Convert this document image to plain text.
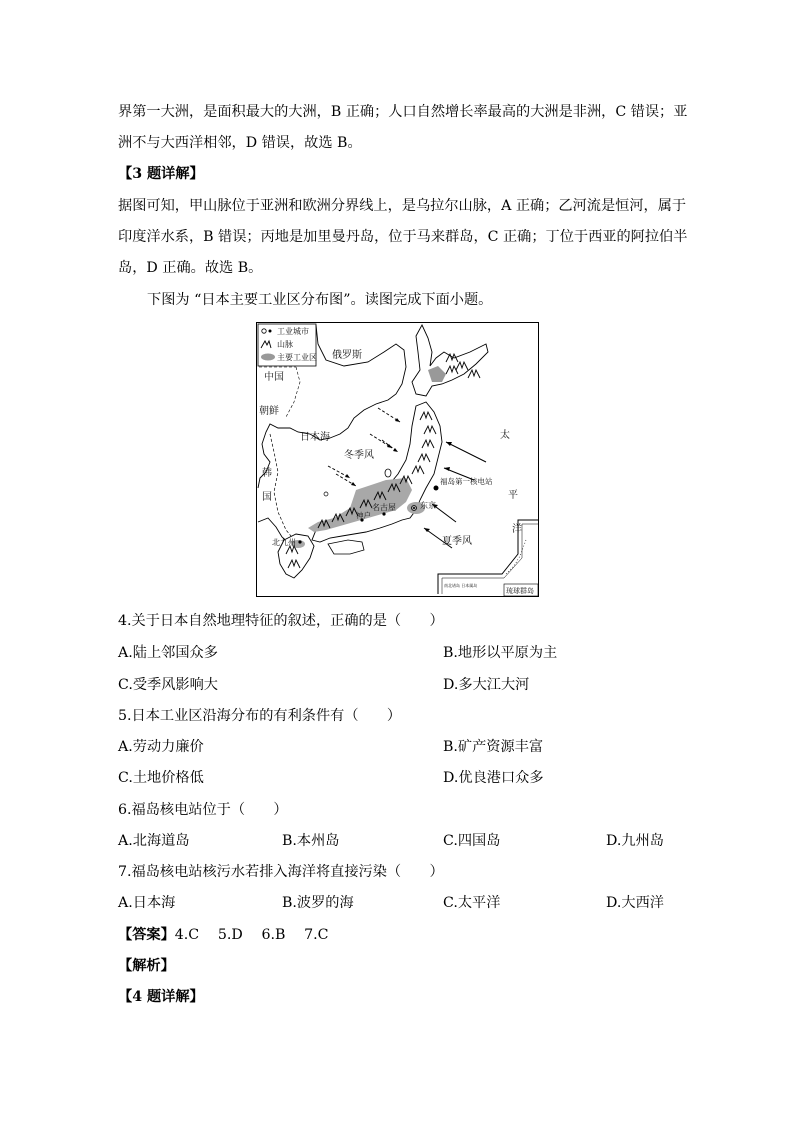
界第一大洲，是面积最大的大洲，B 正确；人口自然增长率最高的大洲是非洲，C 错误；亚
洲不与大西洋相邻，D 错误，故选 B。
【3 题详解】
据图可知，甲山脉位于亚洲和欧洲分界线上，是乌拉尔山脉，A 正确；乙河流是恒河，属于
印度洋水系，B 错误；丙地是加里曼丹岛，位于马来群岛，C 正确；丁位于西亚的阿拉伯半
岛，D 正确。故选 B。
下图为 “日本主要工业区分布图”。读图完成下面小题。
工业城市
山脉
主要工业区
琉球群岛
南北诸岛 日本属岛
俄罗斯
中国
朝鲜
日本海
冬季风
韩
国
太
平
洋
福岛第一核电站
东京
名古屋
神户
北九州	夏季风
4.关于日本自然地理特征的叙述，正确的是（　　）
A.陆上邻国众多	B.地形以平原为主
C.受季风影响大	D.多大江大河
5.日本工业区沿海分布的有利条件有（　　）
A.劳动力廉价	B.矿产资源丰富
C.土地价格低	D.优良港口众多
6.福岛核电站位于（　　）
A.北海道岛	B.本州岛	C.四国岛	D.九州岛
7.福岛核电站核污水若排入海洋将直接污染（　　）
A.日本海	B.波罗的海	C.太平洋	D.大西洋
【答案】4.C　 5.D　 6.B　 7.C
【解析】
【4 题详解】
